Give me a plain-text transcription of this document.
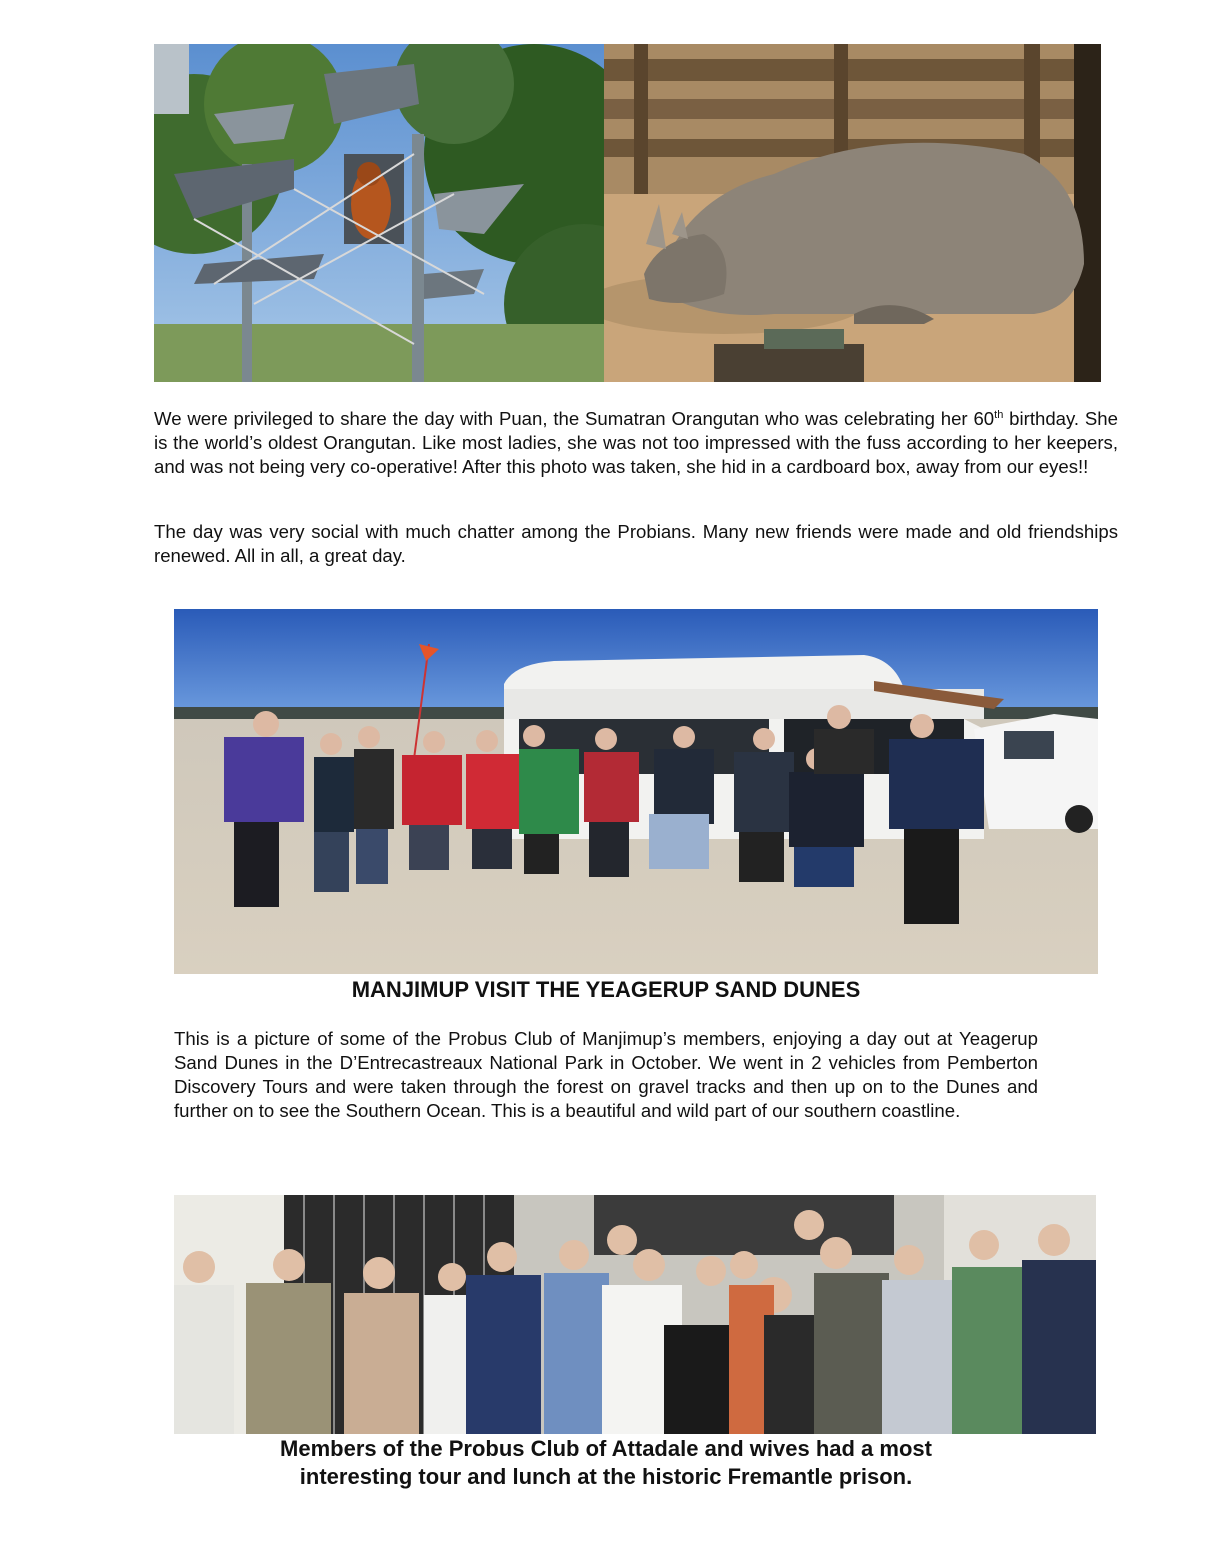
We were privileged to share the day with Puan, the Sumatran Orangutan who was celebrating her 60th birthday. She is the world’s oldest Orangutan. Like most ladies, she was not too impressed with the fuss according to her keepers, and was not being very co-operative! After this photo was taken, she hid in a cardboard box, away from our eyes!!
The day was very social with much chatter among the Probians. Many new friends were made and old friendships renewed. All in all, a great day.
MANJIMUP VISIT THE YEAGERUP SAND DUNES
This is a picture of some of the Probus Club of Manjimup’s members, enjoying a day out at Yeagerup Sand Dunes in the D’Entrecastreaux National Park in October. We went in 2 vehicles from Pemberton Discovery Tours and were taken through the forest on gravel tracks and then up on to the Dunes and further on to see the Southern Ocean. This is a beautiful and wild part of our southern coastline.
Members of the Probus Club of Attadale and wives had a most
interesting tour and lunch at the historic Fremantle prison.
